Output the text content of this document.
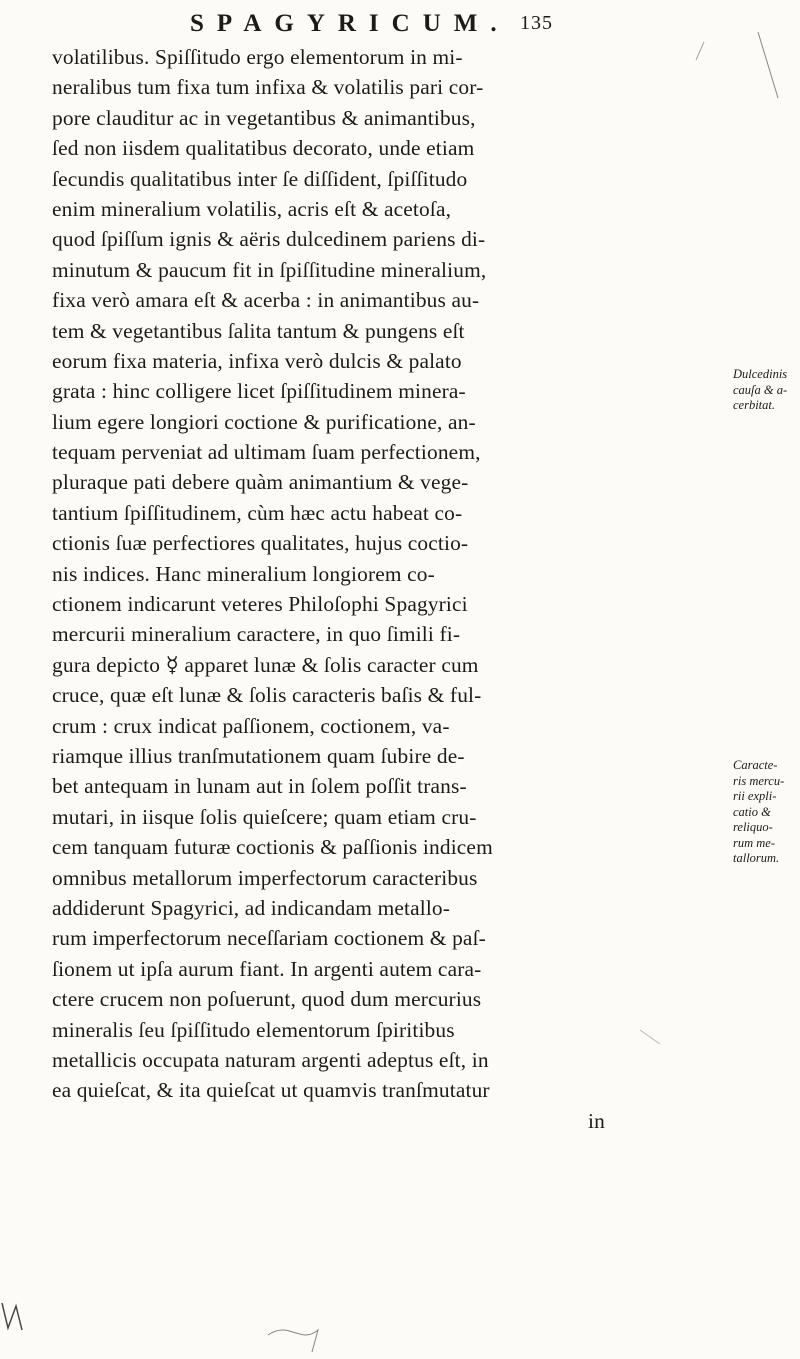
SPAGYRICUM. 135
volatilibus. Spiſſitudo ergo elementorum in mi-
neralibus tum fixa tum infixa & volatilis pari cor-
pore clauditur ac in vegetantibus & animantibus,
ſed non iisdem qualitatibus decorato, unde etiam
ſecundis qualitatibus inter ſe diſſident, ſpiſſitudo
enim mineralium volatilis, acris eſt & acetoſa,
quod ſpiſſum ignis & aëris dulcedinem pariens di-
minutum & paucum fit in ſpiſſitudine mineralium,
fixa verò amara eſt & acerba : in animantibus au-
tem & vegetantibus ſalita tantum & pungens eſt
eorum fixa materia, infixa verò dulcis & palato
grata : hinc colligere licet ſpiſſitudinem minera-
lium egere longiori coctione & purificatione, an-
tequam perveniat ad ultimam ſuam perfectionem,
pluraque pati debere quàm animantium & vege-
tantium ſpiſſitudinem, cùm hæc actu habeat co-
ctionis ſuæ perfectiores qualitates, hujus coctio-
nis indices. Hanc mineralium longiorem co-
ctionem indicarunt veteres Philoſophi Spagyrici
mercurii mineralium caractere, in quo ſimili fi-
gura depicto ☿ apparet lunæ & ſolis caracter cum
cruce, quæ eſt lunæ & ſolis caracteris baſis & ful-
crum : crux indicat paſſionem, coctionem, va-
riamque illius tranſmutationem quam ſubire de-
bet antequam in lunam aut in ſolem poſſit trans-
mutari, in iisque ſolis quieſcere; quam etiam cru-
cem tanquam futuræ coctionis & paſſionis indicem
omnibus metallorum imperfectorum caracteribus
addiderunt Spagyrici, ad indicandam metallo-
rum imperfectorum neceſſariam coctionem & paſ-
ſionem ut ipſa aurum fiant. In argenti autem cara-
ctere crucem non poſuerunt, quod dum mercurius
mineralis ſeu ſpiſſitudo elementorum ſpiritibus
metallicis occupata naturam argenti adeptus eſt, in
ea quieſcat, & ita quieſcat ut quamvis tranſmutatur
in
Dulcedinis
cauſa & a-
cerbitat.
Caracte-
ris mercu-
rii expli-
catio &
reliquo-
rum me-
tallorum.
